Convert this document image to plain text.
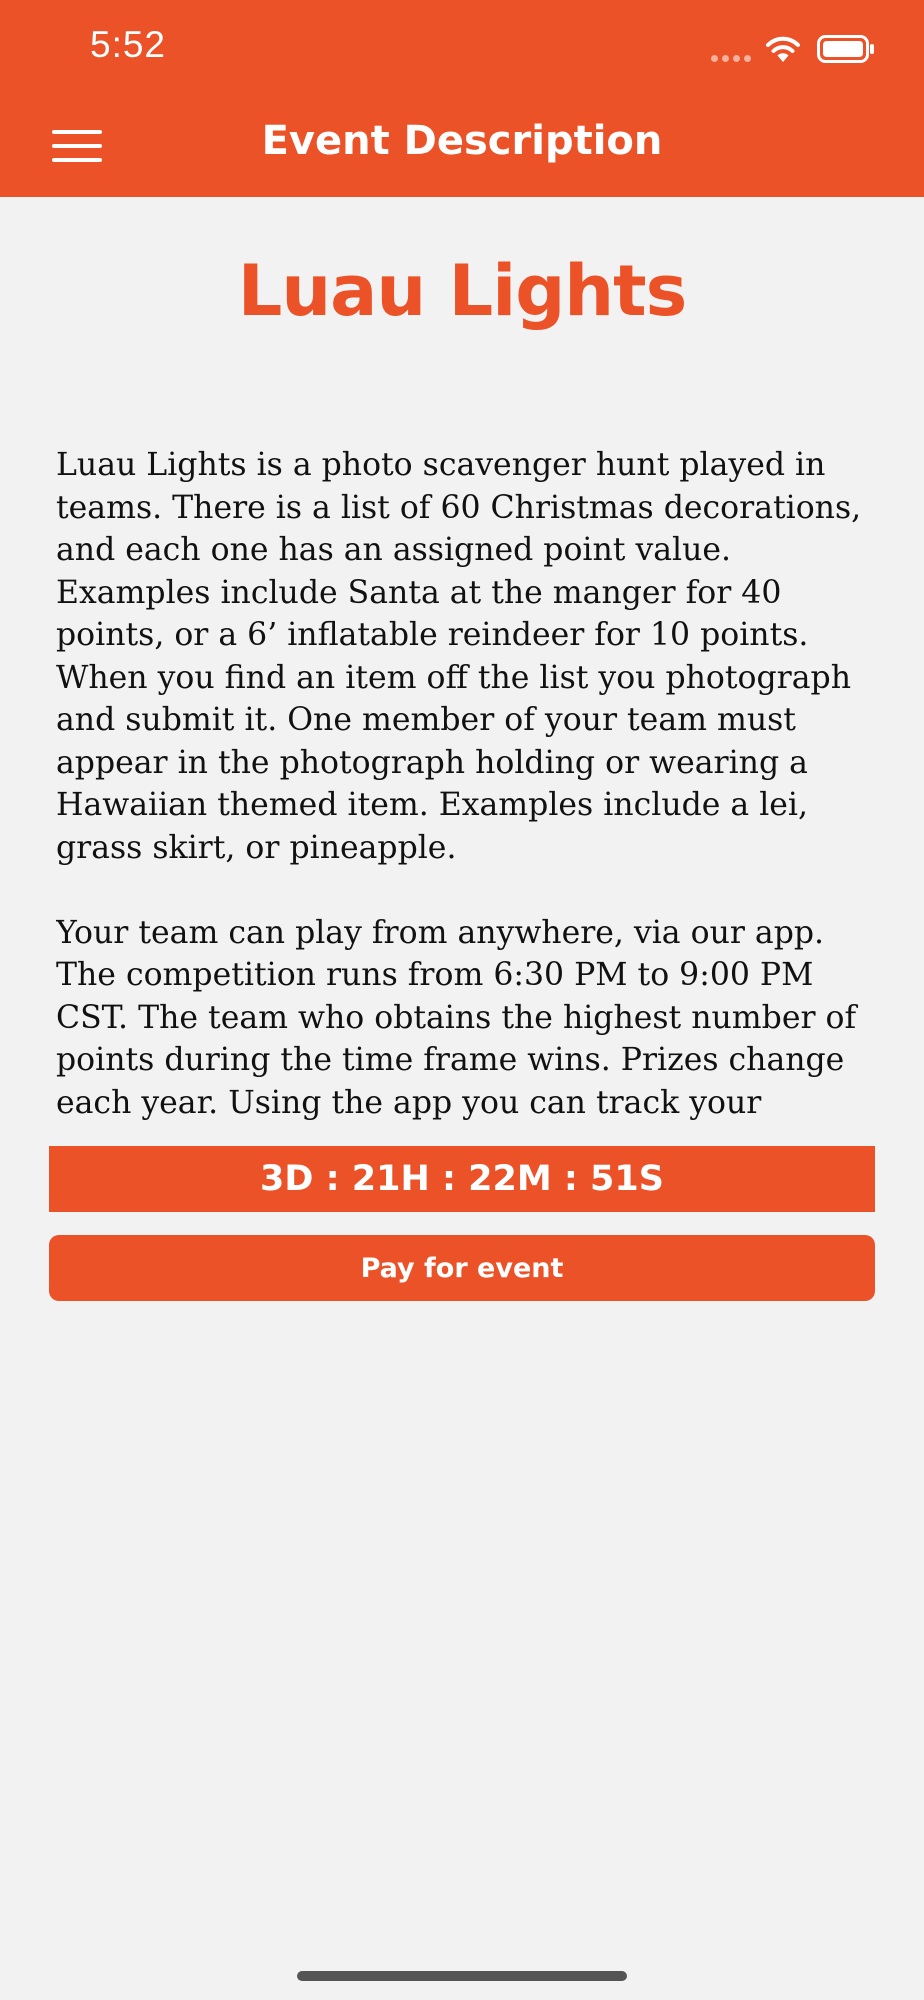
5:52
Event Description
Luau Lights

Luau Lights is a photo scavenger hunt played in teams. There is a list of 60 Christmas decorations, and each one has an assigned point value. Examples include Santa at the manger for 40 points, or a 6’ inflatable reindeer for 10 points. When you find an item off the list you photograph and submit it. One member of your team must appear in the photograph holding or wearing a Hawaiian themed item. Examples include a lei, grass skirt, or pineapple.

Your team can play from anywhere, via our app. The competition runs from 6:30 PM to 9:00 PM CST. The team who obtains the highest number of points during the time frame wins. Prizes change each year. Using the app you can track your

3D : 21H : 22M : 51S
Pay for event
